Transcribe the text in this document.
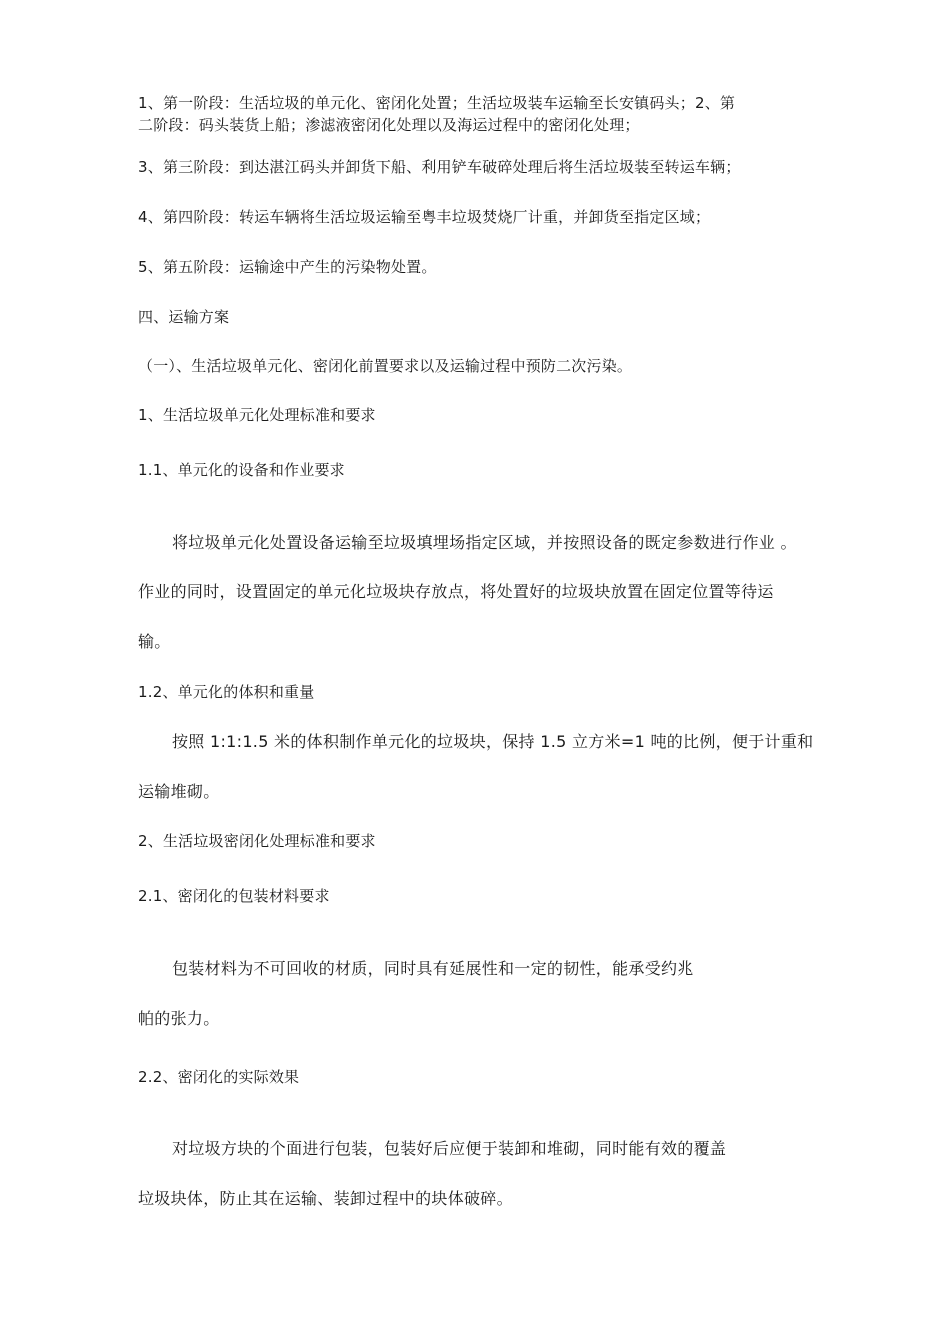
1、第一阶段：生活垃圾的单元化、密闭化处置；生活垃圾装车运输至长安镇码头；2、第
二阶段：码头装货上船；渗滤液密闭化处理以及海运过程中的密闭化处理；
3、第三阶段：到达湛江码头并卸货下船、利用铲车破碎处理后将生活垃圾装至转运车辆；
4、第四阶段：转运车辆将生活垃圾运输至粤丰垃圾焚烧厂计重，并卸货至指定区域；
5、第五阶段：运输途中产生的污染物处置。
四、运输方案
（一）、生活垃圾单元化、密闭化前置要求以及运输过程中预防二次污染。
1、生活垃圾单元化处理标准和要求
1.1、单元化的设备和作业要求
将垃圾单元化处置设备运输至垃圾填埋场指定区域，并按照设备的既定参数进行作业 。
作业的同时，设置固定的单元化垃圾块存放点，将处置好的垃圾块放置在固定位置等待运
输。
1.2、单元化的体积和重量
按照 1:1:1.5 米的体积制作单元化的垃圾块，保持 1.5 立方米=1 吨的比例，便于计重和
运输堆砌。
2、生活垃圾密闭化处理标准和要求
2.1、密闭化的包装材料要求
包装材料为不可回收的材质，同时具有延展性和一定的韧性，能承受约兆
帕的张力。
2.2、密闭化的实际效果
对垃圾方块的个面进行包装，包装好后应便于装卸和堆砌，同时能有效的覆盖
垃圾块体，防止其在运输、装卸过程中的块体破碎。
